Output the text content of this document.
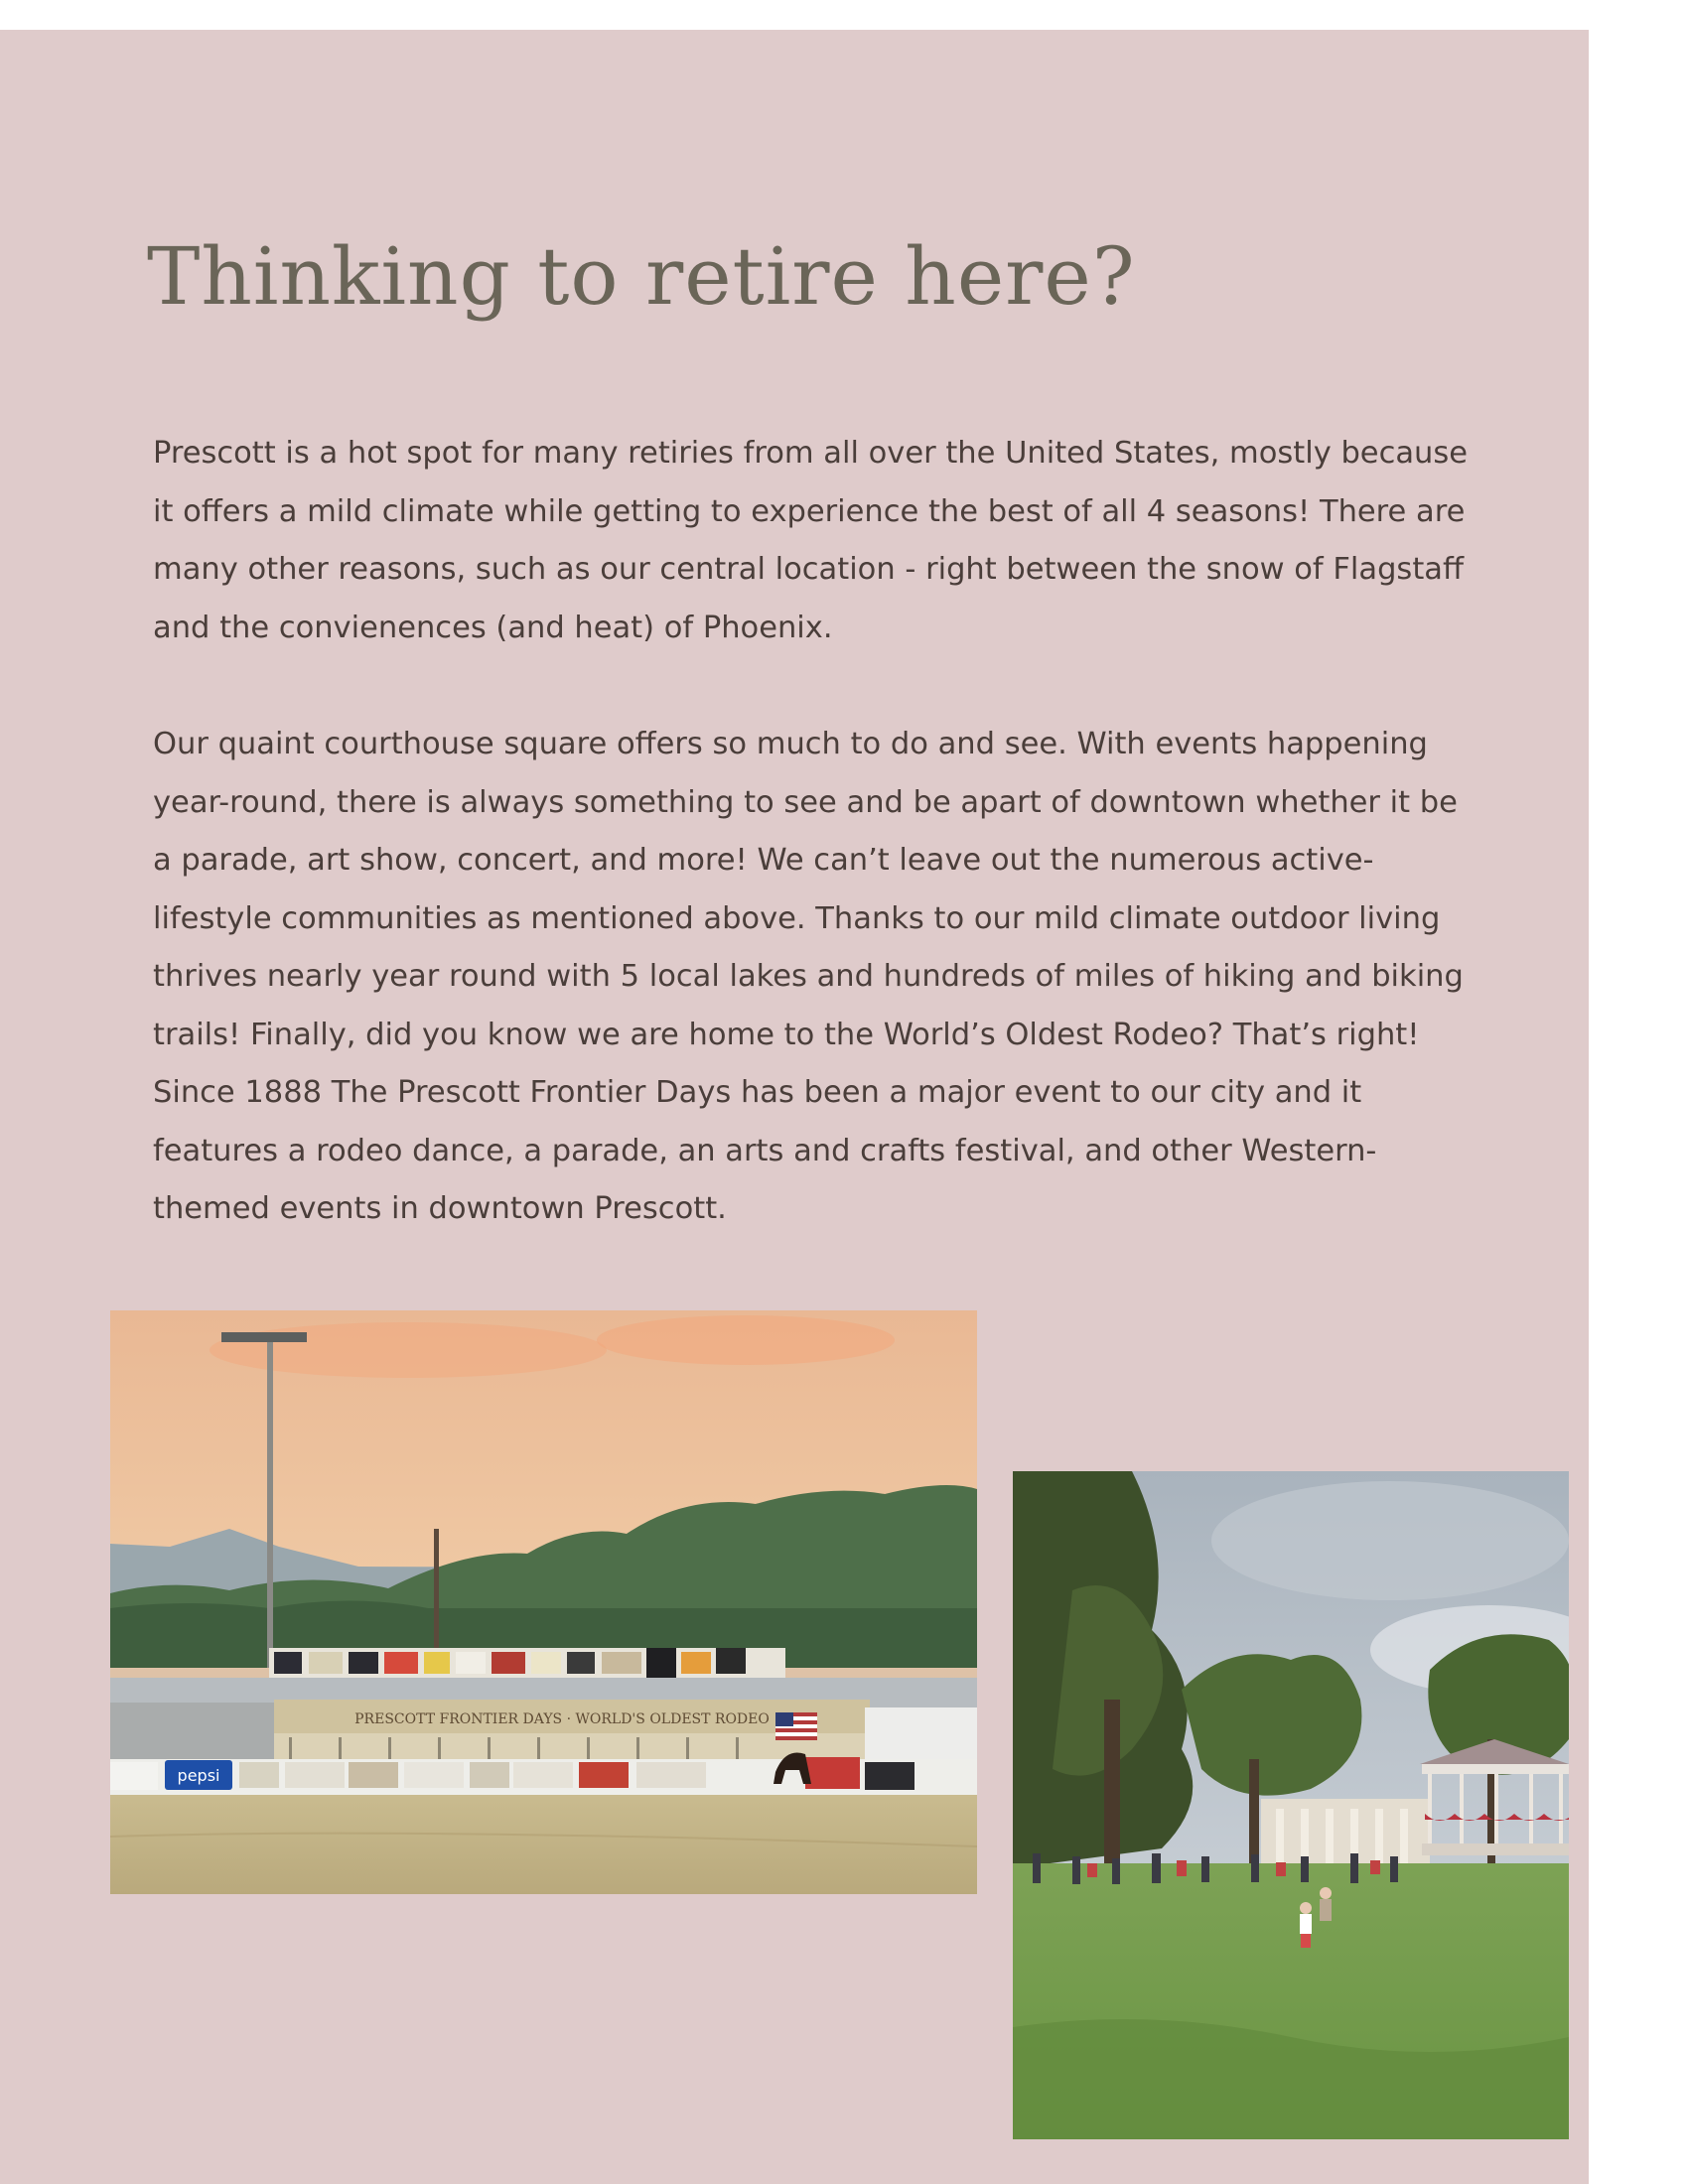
Thinking to retire here?

Prescott is a hot spot for many retiries from all over the United States, mostly because it offers a mild climate while getting to experience the best of all 4 seasons! There are many other reasons, such as our central location - right between the snow of Flagstaff and the convienences (and heat) of Phoenix.

Our quaint courthouse square offers so much to do and see. With events happening year-round, there is always something to see and be apart of downtown whether it be a parade, art show, concert, and more! We can’t leave out the numerous active-lifestyle communities as mentioned above. Thanks to our mild climate outdoor living thrives nearly year round with 5 local lakes and hundreds of miles of hiking and biking trails! Finally, did you know we are home to the World’s Oldest Rodeo? That’s right! Since 1888 The Prescott Frontier Days has been a major event to our city and it features a rodeo dance, a parade, an arts and crafts festival, and other Western-themed events in downtown Prescott.

PRESCOTT FRONTIER DAYS · WORLD'S OLDEST RODEO
pepsi
